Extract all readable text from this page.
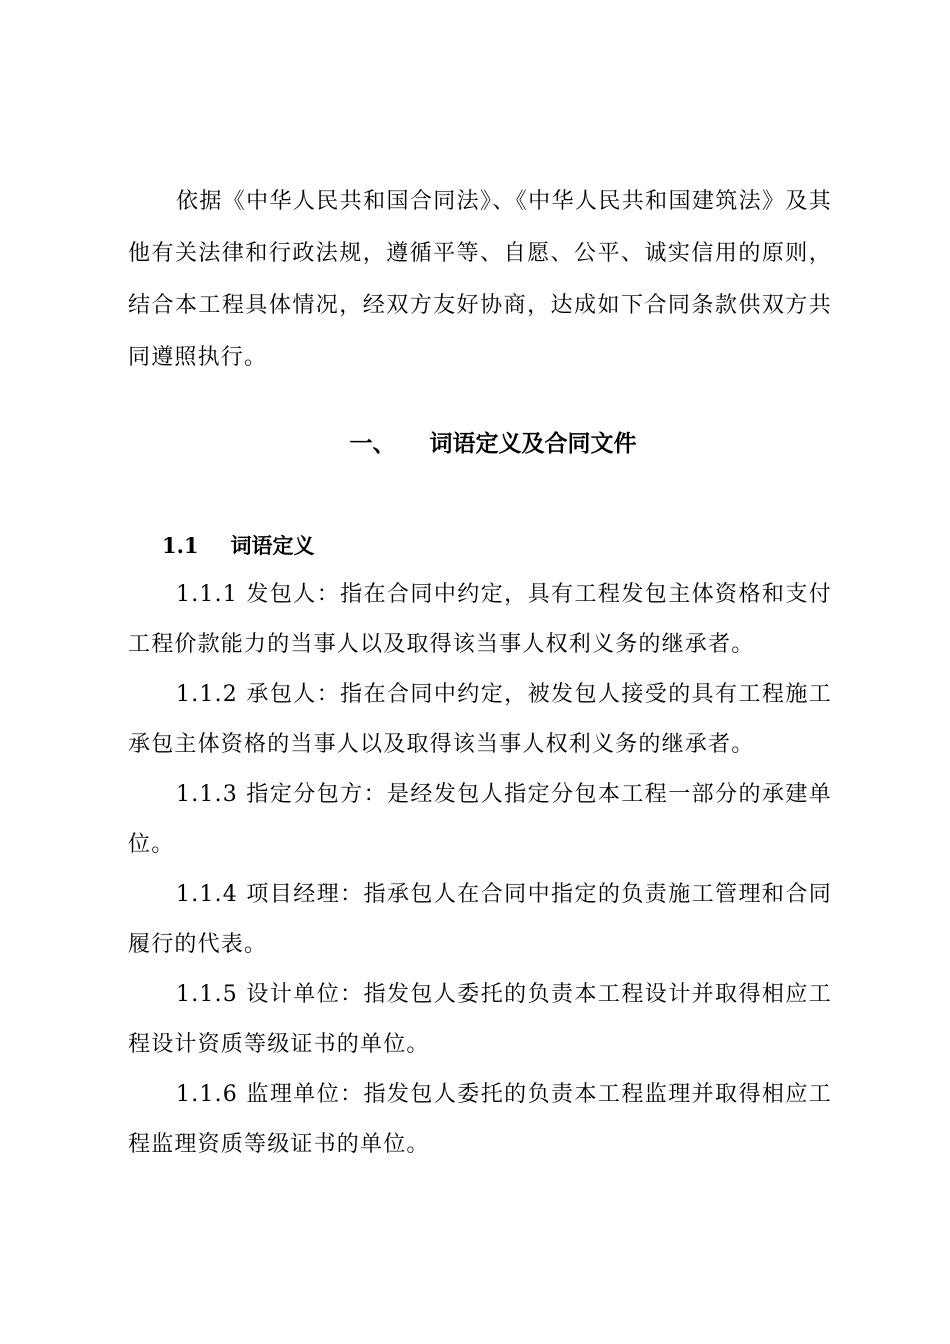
依据《中华人民共和国合同法》、《中华人民共和国建筑法》及其他有关法律和行政法规，遵循平等、自愿、公平、诚实信用的原则，结合本工程具体情况，经双方友好协商，达成如下合同条款供双方共同遵照执行。

一、 词语定义及合同文件
1.1 词语定义
1.1.1 发包人：指在合同中约定，具有工程发包主体资格和支付工程价款能力的当事人以及取得该当事人权利义务的继承者。
1.1.2 承包人：指在合同中约定，被发包人接受的具有工程施工承包主体资格的当事人以及取得该当事人权利义务的继承者。
1.1.3 指定分包方：是经发包人指定分包本工程一部分的承建单位。
1.1.4 项目经理：指承包人在合同中指定的负责施工管理和合同履行的代表。
1.1.5 设计单位：指发包人委托的负责本工程设计并取得相应工程设计资质等级证书的单位。
1.1.6 监理单位：指发包人委托的负责本工程监理并取得相应工程监理资质等级证书的单位。
